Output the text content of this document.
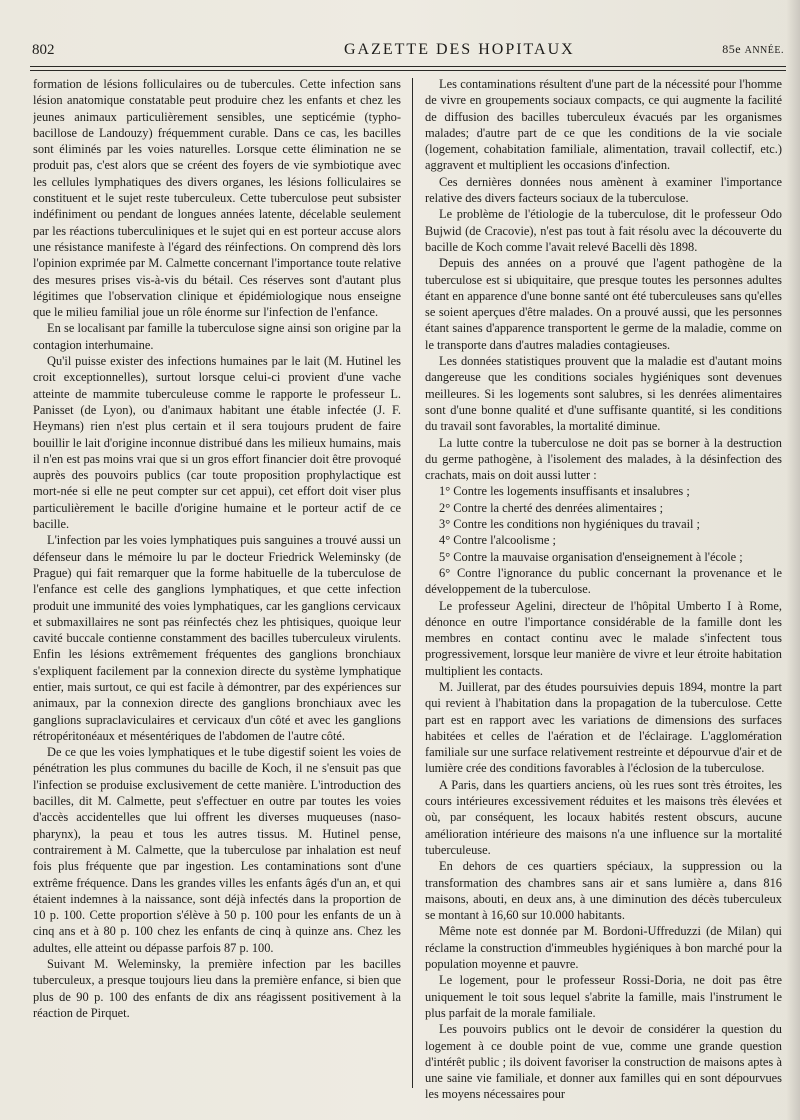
802	GAZETTE DES HOPITAUX	85e ANNÉE.

formation de lésions folliculaires ou de tubercules. Cette infection sans lésion anatomique constatable peut produire chez les enfants et chez les jeunes animaux particulièrement sensibles, une septicémie (typho-bacillose de Landouzy) fréquemment curable. Dans ce cas, les bacilles sont éliminés par les voies naturelles. Lorsque cette élimination ne se produit pas, c'est alors que se créent des foyers de vie symbiotique avec les cellules lymphatiques des divers organes, les lésions folliculaires se constituent et le sujet reste tuberculeux. Cette tuberculose peut subsister indéfiniment ou pendant de longues années latente, décelable seulement par les réactions tuberculiniques et le sujet qui en est porteur accuse alors une résistance manifeste à l'égard des réinfections. On comprend dès lors l'opinion exprimée par M. Calmette concernant l'importance toute relative des mesures prises vis-à-vis du bétail. Ces réserves sont d'autant plus légitimes que l'observation clinique et épidémiologique nous enseigne que le milieu familial joue un rôle énorme sur l'infection de l'enfance.

En se localisant par famille la tuberculose signe ainsi son origine par la contagion interhumaine.

Qu'il puisse exister des infections humaines par le lait (M. Hutinel les croit exceptionnelles), surtout lorsque celui-ci provient d'une vache atteinte de mammite tuberculeuse comme le rapporte le professeur L. Panisset (de Lyon), ou d'animaux habitant une étable infectée (J. F. Heymans) rien n'est plus certain et il sera toujours prudent de faire bouillir le lait d'origine inconnue distribué dans les milieux humains, mais il n'en est pas moins vrai que si un gros effort financier doit être provoqué auprès des pouvoirs publics (car toute proposition prophylactique est mort-née si elle ne peut compter sur cet appui), cet effort doit viser plus particulièrement le bacille d'origine humaine et le porteur actif de ce bacille.

L'infection par les voies lymphatiques puis sanguines a trouvé aussi un défenseur dans le mémoire lu par le docteur Friedrick Weleminsky (de Prague) qui fait remarquer que la forme habituelle de la tuberculose de l'enfance est celle des ganglions lymphatiques, et que cette infection produit une immunité des voies lymphatiques, car les ganglions cervicaux et submaxillaires ne sont pas réinfectés chez les phtisiques, quoique leur cavité buccale contienne constamment des bacilles tuberculeux virulents. Enfin les lésions extrêmement fréquentes des ganglions bronchiaux s'expliquent facilement par la connexion directe du système lymphatique entier, mais surtout, ce qui est facile à démontrer, par des expériences sur animaux, par la connexion directe des ganglions bronchiaux avec les ganglions supraclaviculaires et cervicaux d'un côté et avec les ganglions rétropéritonéaux et mésentériques de l'abdomen de l'autre côté.

De ce que les voies lymphatiques et le tube digestif soient les voies de pénétration les plus communes du bacille de Koch, il ne s'ensuit pas que l'infection se produise exclusivement de cette manière. L'introduction des bacilles, dit M. Calmette, peut s'effectuer en outre par toutes les voies d'accès accidentelles que lui offrent les diverses muqueuses (naso-pharynx), la peau et tous les autres tissus. M. Hutinel pense, contrairement à M. Calmette, que la tuberculose par inhalation est neuf fois plus fréquente que par ingestion. Les contaminations sont d'une extrême fréquence. Dans les grandes villes les enfants âgés d'un an, et qui étaient indemnes à la naissance, sont déjà infectés dans la proportion de 10 p. 100. Cette proportion s'élève à 50 p. 100 pour les enfants de un à cinq ans et à 80 p. 100 chez les enfants de cinq à quinze ans. Chez les adultes, elle atteint ou dépasse parfois 87 p. 100.

Suivant M. Weleminsky, la première infection par les bacilles tuberculeux, a presque toujours lieu dans la première enfance, si bien que plus de 90 p. 100 des enfants de dix ans réagissent positivement à la réaction de Pirquet.

Les contaminations résultent d'une part de la nécessité pour l'homme de vivre en groupements sociaux compacts, ce qui augmente la facilité de diffusion des bacilles tuberculeux évacués par les organismes malades; d'autre part de ce que les conditions de la vie sociale (logement, cohabitation familiale, alimentation, travail collectif, etc.) aggravent et multiplient les occasions d'infection.

Ces dernières données nous amènent à examiner l'importance relative des divers facteurs sociaux de la tuberculose.

Le problème de l'étiologie de la tuberculose, dit le professeur Odo Bujwid (de Cracovie), n'est pas tout à fait résolu avec la découverte du bacille de Koch comme l'avait relevé Bacelli dès 1898.

Depuis des années on a prouvé que l'agent pathogène de la tuberculose est si ubiquitaire, que presque toutes les personnes adultes étant en apparence d'une bonne santé ont été tuberculeuses sans qu'elles se soient aperçues d'être malades. On a prouvé aussi, que les personnes étant saines d'apparence transportent le germe de la maladie, comme on le transporte dans d'autres maladies contagieuses.

Les données statistiques prouvent que la maladie est d'autant moins dangereuse que les conditions sociales hygiéniques sont devenues meilleures. Si les logements sont salubres, si les denrées alimentaires sont d'une bonne qualité et d'une suffisante quantité, si les conditions du travail sont favorables, la mortalité diminue.

La lutte contre la tuberculose ne doit pas se borner à la destruction du germe pathogène, à l'isolement des malades, à la désinfection des crachats, mais on doit aussi lutter :

1° Contre les logements insuffisants et insalubres ;

2° Contre la cherté des denrées alimentaires ;

3° Contre les conditions non hygiéniques du travail ;

4° Contre l'alcoolisme ;

5° Contre la mauvaise organisation d'enseignement à l'école ;

6° Contre l'ignorance du public concernant la provenance et le développement de la tuberculose.

Le professeur Agelini, directeur de l'hôpital Umberto I à Rome, dénonce en outre l'importance considérable de la famille dont les membres en contact continu avec le malade s'infectent tous progressivement, lorsque leur manière de vivre et leur étroite habitation multiplient les contacts.

M. Juillerat, par des études poursuivies depuis 1894, montre la part qui revient à l'habitation dans la propagation de la tuberculose. Cette part est en rapport avec les variations de dimensions des surfaces habitées et celles de l'aération et de l'éclairage. L'agglomération familiale sur une surface relativement restreinte et dépourvue d'air et de lumière crée des conditions favorables à l'éclosion de la tuberculose.

A Paris, dans les quartiers anciens, où les rues sont très étroites, les cours intérieures excessivement réduites et les maisons très élevées et où, par conséquent, les locaux habités restent obscurs, aucune amélioration intérieure des maisons n'a une influence sur la mortalité tuberculeuse.

En dehors de ces quartiers spéciaux, la suppression ou la transformation des chambres sans air et sans lumière a, dans 816 maisons, abouti, en deux ans, à une diminution des décès tuberculeux se montant à 16,60 sur 10.000 habitants.

Même note est donnée par M. Bordoni-Uffreduzzi (de Milan) qui réclame la construction d'immeubles hygiéniques à bon marché pour la population moyenne et pauvre.

Le logement, pour le professeur Rossi-Doria, ne doit pas être uniquement le toit sous lequel s'abrite la famille, mais l'instrument le plus parfait de la morale familiale.

Les pouvoirs publics ont le devoir de considérer la question du logement à ce double point de vue, comme une grande question d'intérêt public ; ils doivent favoriser la construction de maisons aptes à une saine vie familiale, et donner aux familles qui en sont dépourvues les moyens nécessaires pour
